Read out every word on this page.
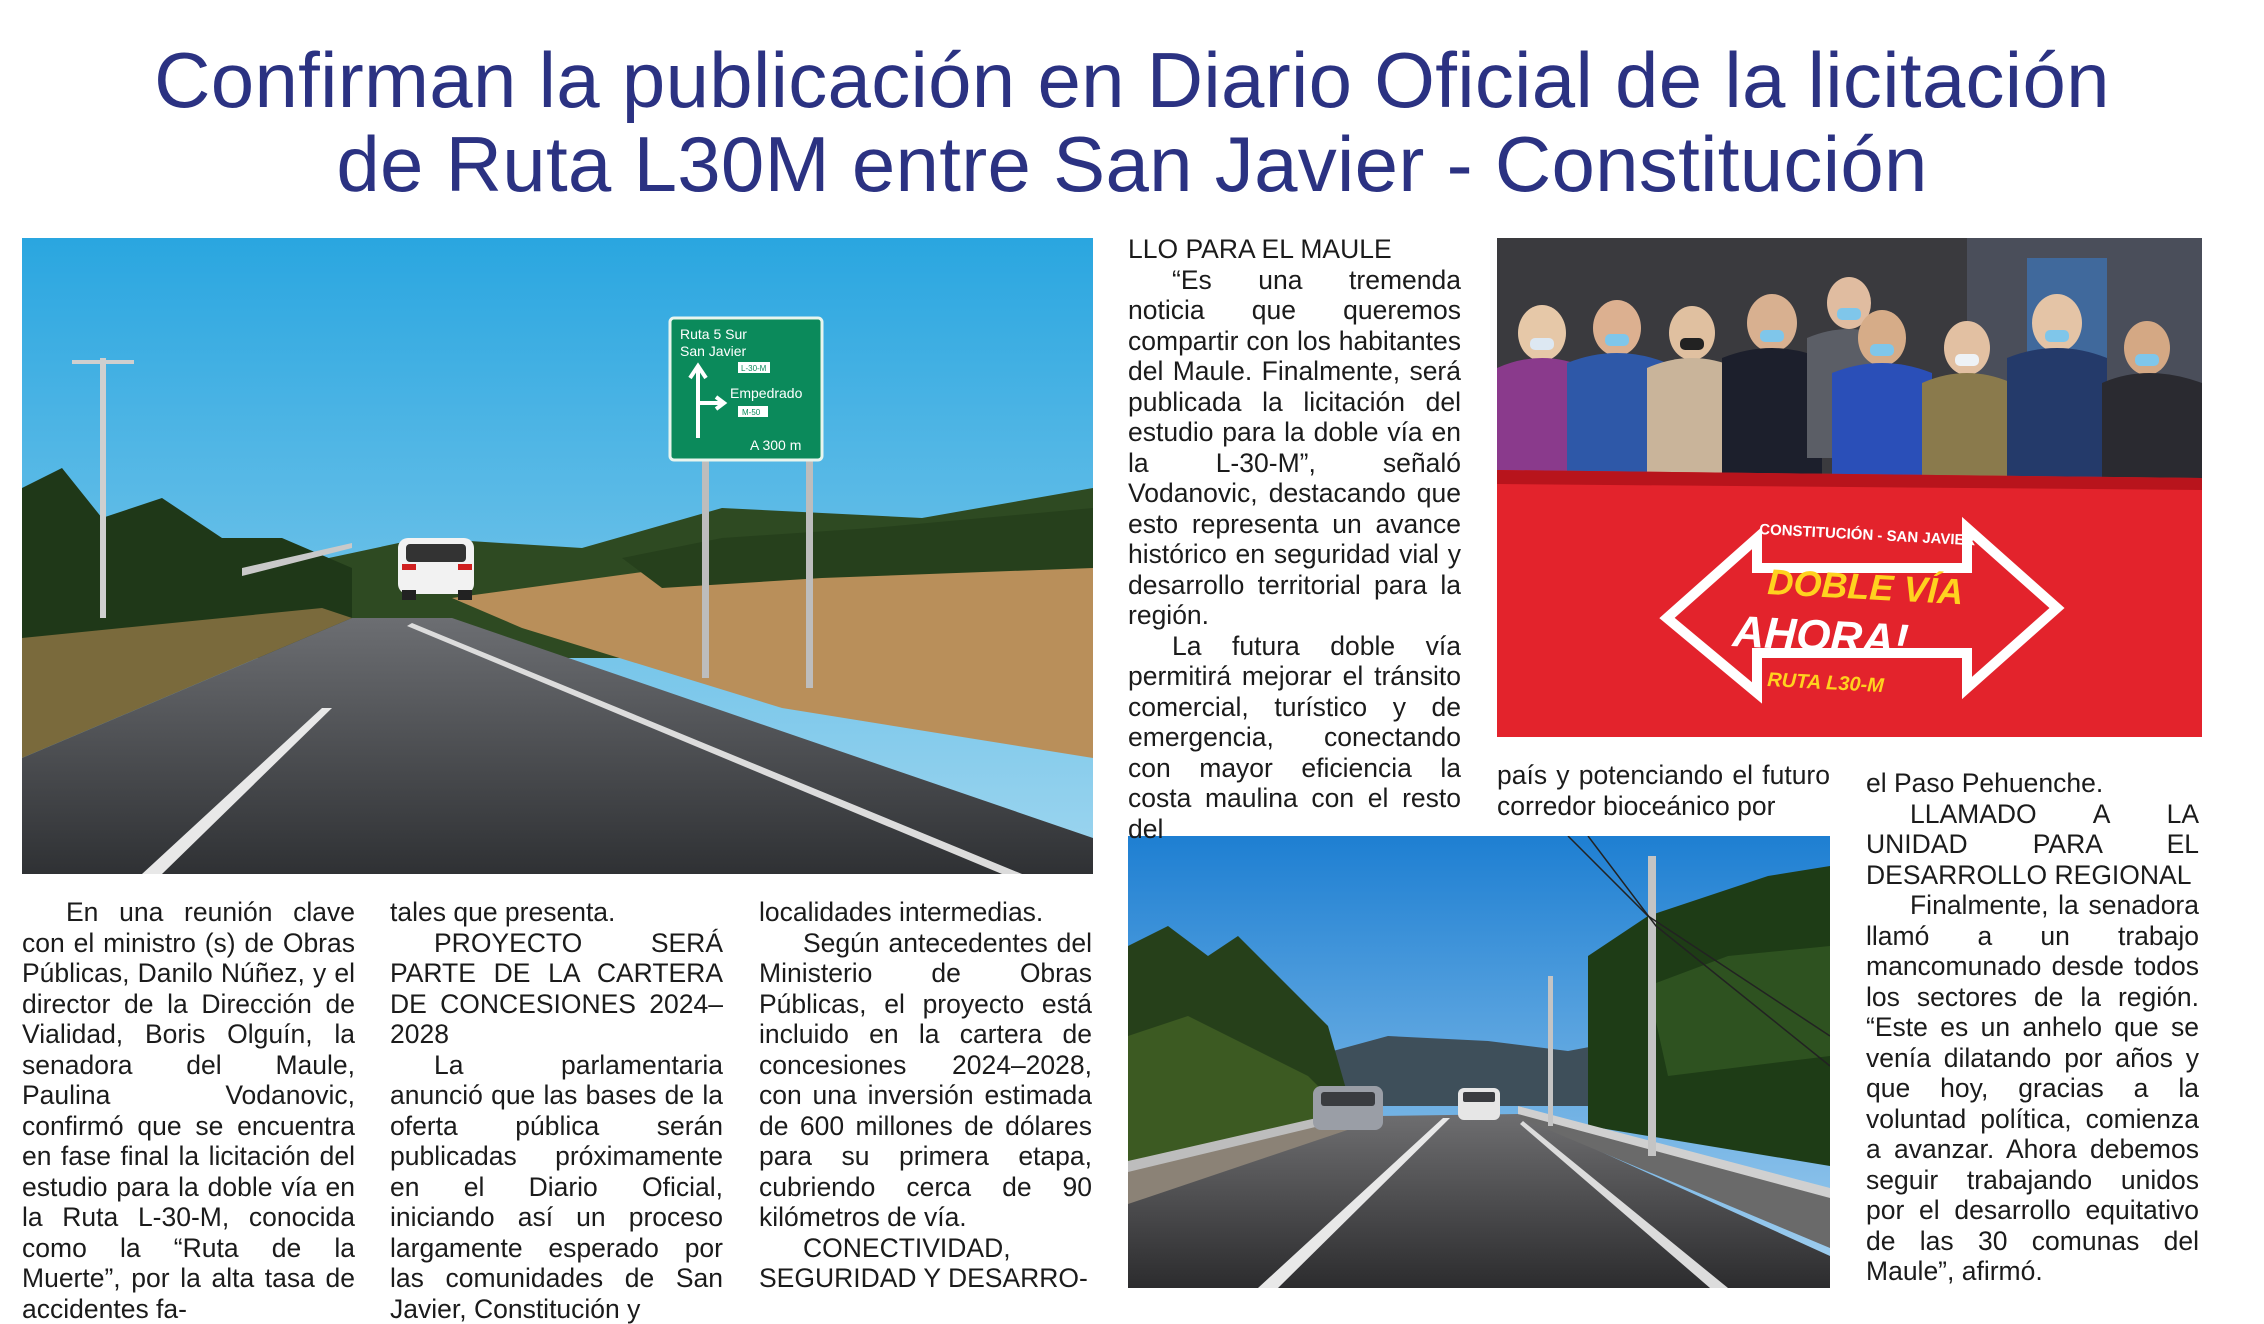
Confirman la publicación en Diario Oficial de la licitación
de Ruta L30M entre San Javier - Constitución
Ruta 5 Sur
San Javier
L-30-M
Empedrado
M-50
A 300 m
CONSTITUCIÓN - SAN JAVIER
DOBLE VÍA
AHORA!
RUTA L30-M

En una reunión clave con el ministro (s) de Obras Públicas, Danilo Núñez, y el director de la Dirección de Vialidad, Boris Olguín, la senadora del Maule, Paulina Vodanovic, confirmó que se encuentra en fase final la licitación del estudio para la doble vía en la Ruta L-30-M, conocida como la “Ruta de la Muerte”, por la alta tasa de accidentes fa-

tales que presenta.

PROYECTO SERÁ PARTE DE LA CARTERA DE CONCESIONES 2024–2028

La parlamentaria anunció que las bases de la oferta pública serán publicadas próximamente en el Diario Oficial, iniciando así un proceso largamente esperado por las comunidades de San Javier, Constitución y

localidades intermedias.

Según antecedentes del Ministerio de Obras Públicas, el proyecto está incluido en la cartera de concesiones 2024–2028, con una inversión estimada de 600 millones de dólares para su primera etapa, cubriendo cerca de 90 kilómetros de vía.

CONECTIVIDAD, SEGURIDAD Y DESARRO-

LLO PARA EL MAULE

“Es una tremenda noticia que queremos compartir con los habitantes del Maule. Finalmente, será publicada la licitación del estudio para la doble vía en la L-30-M”, señaló Vodanovic, destacando que esto representa un avance histórico en seguridad vial y desarrollo territorial para la región.

La futura doble vía permitirá mejorar el tránsito comercial, turístico y de emergencia, conectando con mayor eficiencia la costa maulina con el resto del

país y potenciando el futuro corredor bioceánico por

el Paso Pehuenche.

LLAMADO A LA UNIDAD PARA EL DESARROLLO REGIONAL

Finalmente, la senadora llamó a un trabajo mancomunado desde todos los sectores de la región. “Este es un anhelo que se venía dilatando por años y que hoy, gracias a la voluntad política, comienza a avanzar. Ahora debemos seguir trabajando unidos por el desarrollo equitativo de las 30 comunas del Maule”, afirmó.
